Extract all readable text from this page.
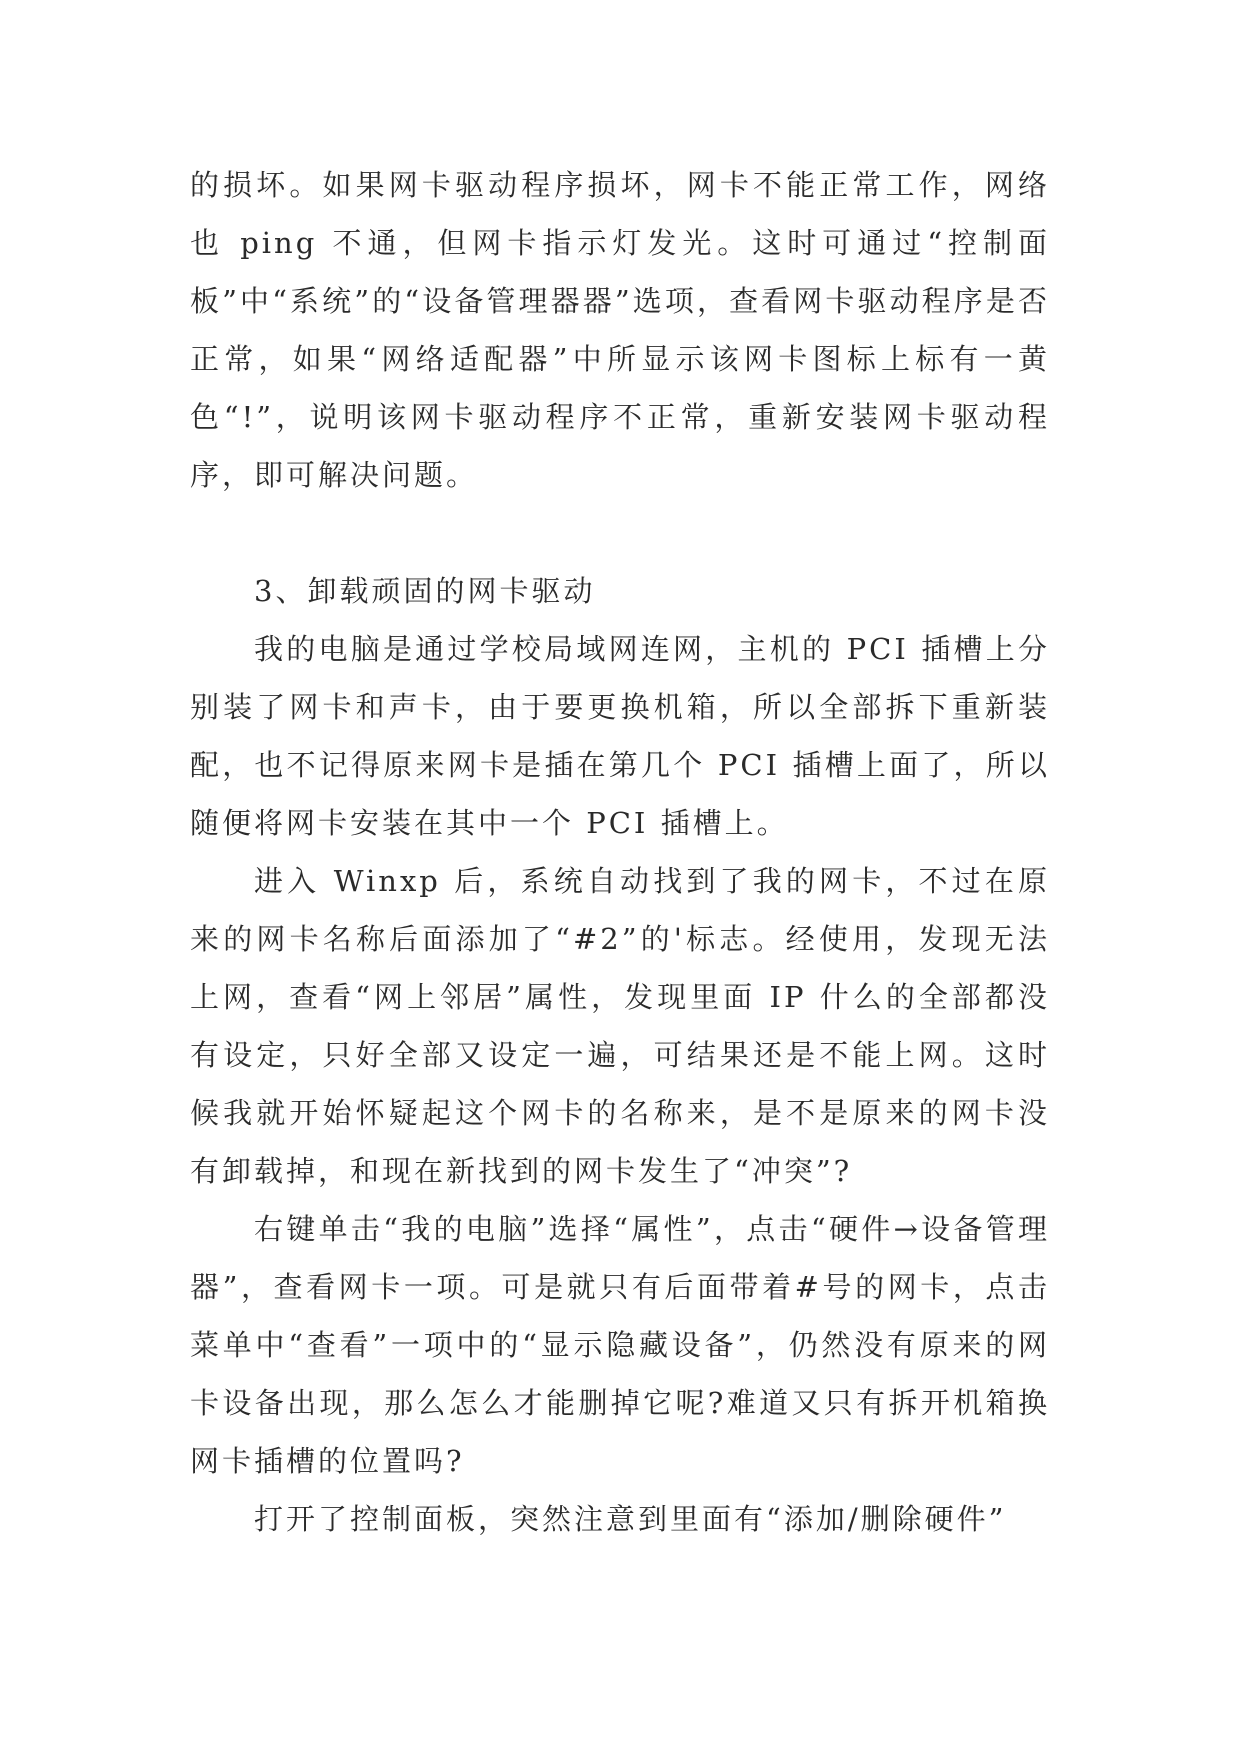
的损坏。如果网卡驱动程序损坏，网卡不能正常工作，网络也 ping 不通，但网卡指示灯发光。这时可通过“控制面板”中“系统”的“设备管理器器”选项，查看网卡驱动程序是否正常，如果“网络适配器”中所显示该网卡图标上标有一黄色“!”，说明该网卡驱动程序不正常，重新安装网卡驱动程序，即可解决问题。

3、卸载顽固的网卡驱动

我的电脑是通过学校局域网连网，主机的 PCI 插槽上分别装了网卡和声卡，由于要更换机箱，所以全部拆下重新装配，也不记得原来网卡是插在第几个 PCI 插槽上面了，所以随便将网卡安装在其中一个 PCI 插槽上。

进入 Winxp 后，系统自动找到了我的网卡，不过在原来的网卡名称后面添加了“#2”的'标志。经使用，发现无法上网，查看“网上邻居”属性，发现里面 IP 什么的全部都没有设定，只好全部又设定一遍，可结果还是不能上网。这时候我就开始怀疑起这个网卡的名称来，是不是原来的网卡没有卸载掉，和现在新找到的网卡发生了“冲突”?

右键单击“我的电脑”选择“属性”，点击“硬件→设备管理器”，查看网卡一项。可是就只有后面带着#号的网卡，点击菜单中“查看”一项中的“显示隐藏设备”，仍然没有原来的网卡设备出现，那么怎么才能删掉它呢?难道又只有拆开机箱换网卡插槽的位置吗?

打开了控制面板，突然注意到里面有“添加/删除硬件”
